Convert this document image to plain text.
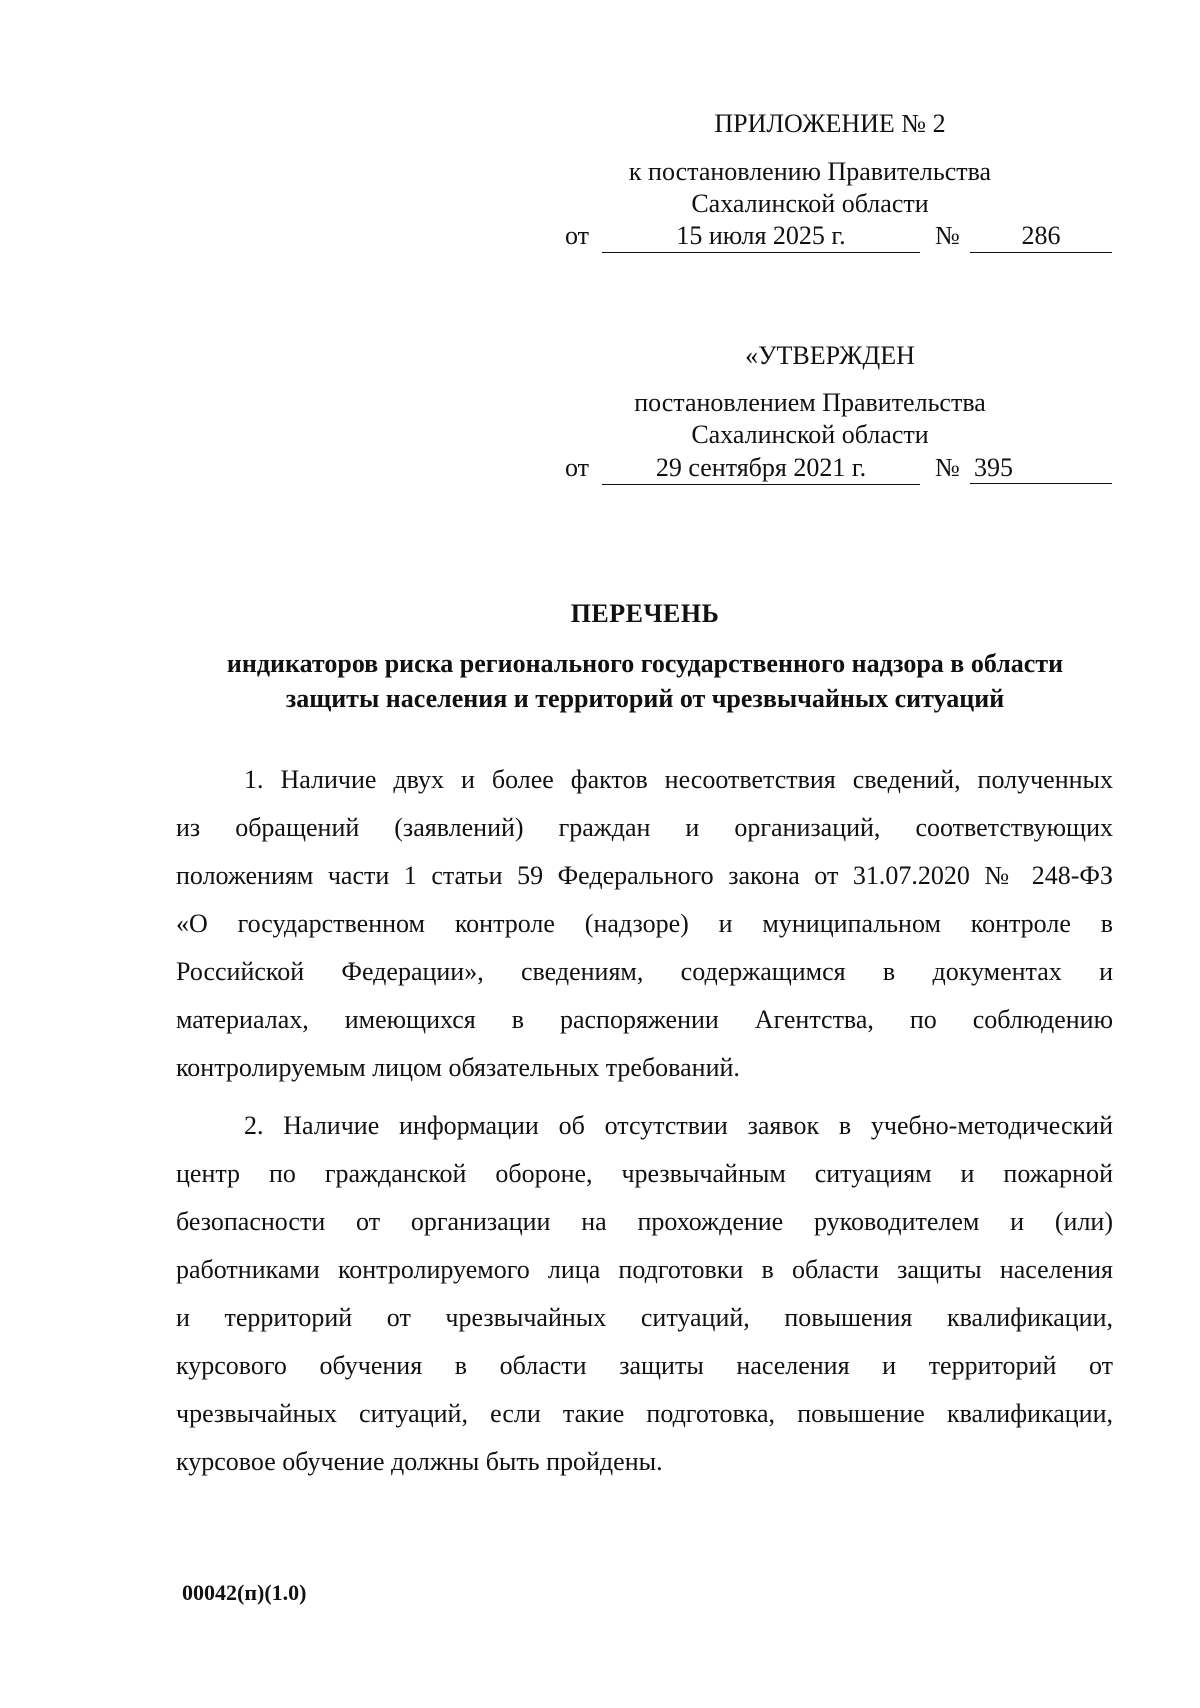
ПРИЛОЖЕНИЕ № 2
к постановлению Правительства
Сахалинской области
от	15 июля 2025 г.	№	286
«УТВЕРЖДЕН
постановлением Правительства
Сахалинской области
от	29 сентября 2021 г.	№ 395
ПЕРЕЧЕНЬ
индикаторов риска регионального государственного надзора в области
защиты населения и территорий от чрезвычайных ситуаций
1. Наличие двух и более фактов несоответствия сведений, полученных
из обращений (заявлений) граждан и организаций, соответствующих
положениям части 1 статьи 59 Федерального закона от 31.07.2020 № 248-ФЗ
«О государственном контроле (надзоре) и муниципальном контроле в
Российской Федерации», сведениям, содержащимся в документах и
материалах, имеющихся в распоряжении Агентства, по соблюдению
контролируемым лицом обязательных требований.
2. Наличие информации об отсутствии заявок в учебно-методический
центр по гражданской обороне, чрезвычайным ситуациям и пожарной
безопасности от организации на прохождение руководителем и (или)
работниками контролируемого лица подготовки в области защиты населения
и территорий от чрезвычайных ситуаций, повышения квалификации,
курсового обучения в области защиты населения и территорий от
чрезвычайных ситуаций, если такие подготовка, повышение квалификации,
курсовое обучение должны быть пройдены.
00042(п)(1.0)
